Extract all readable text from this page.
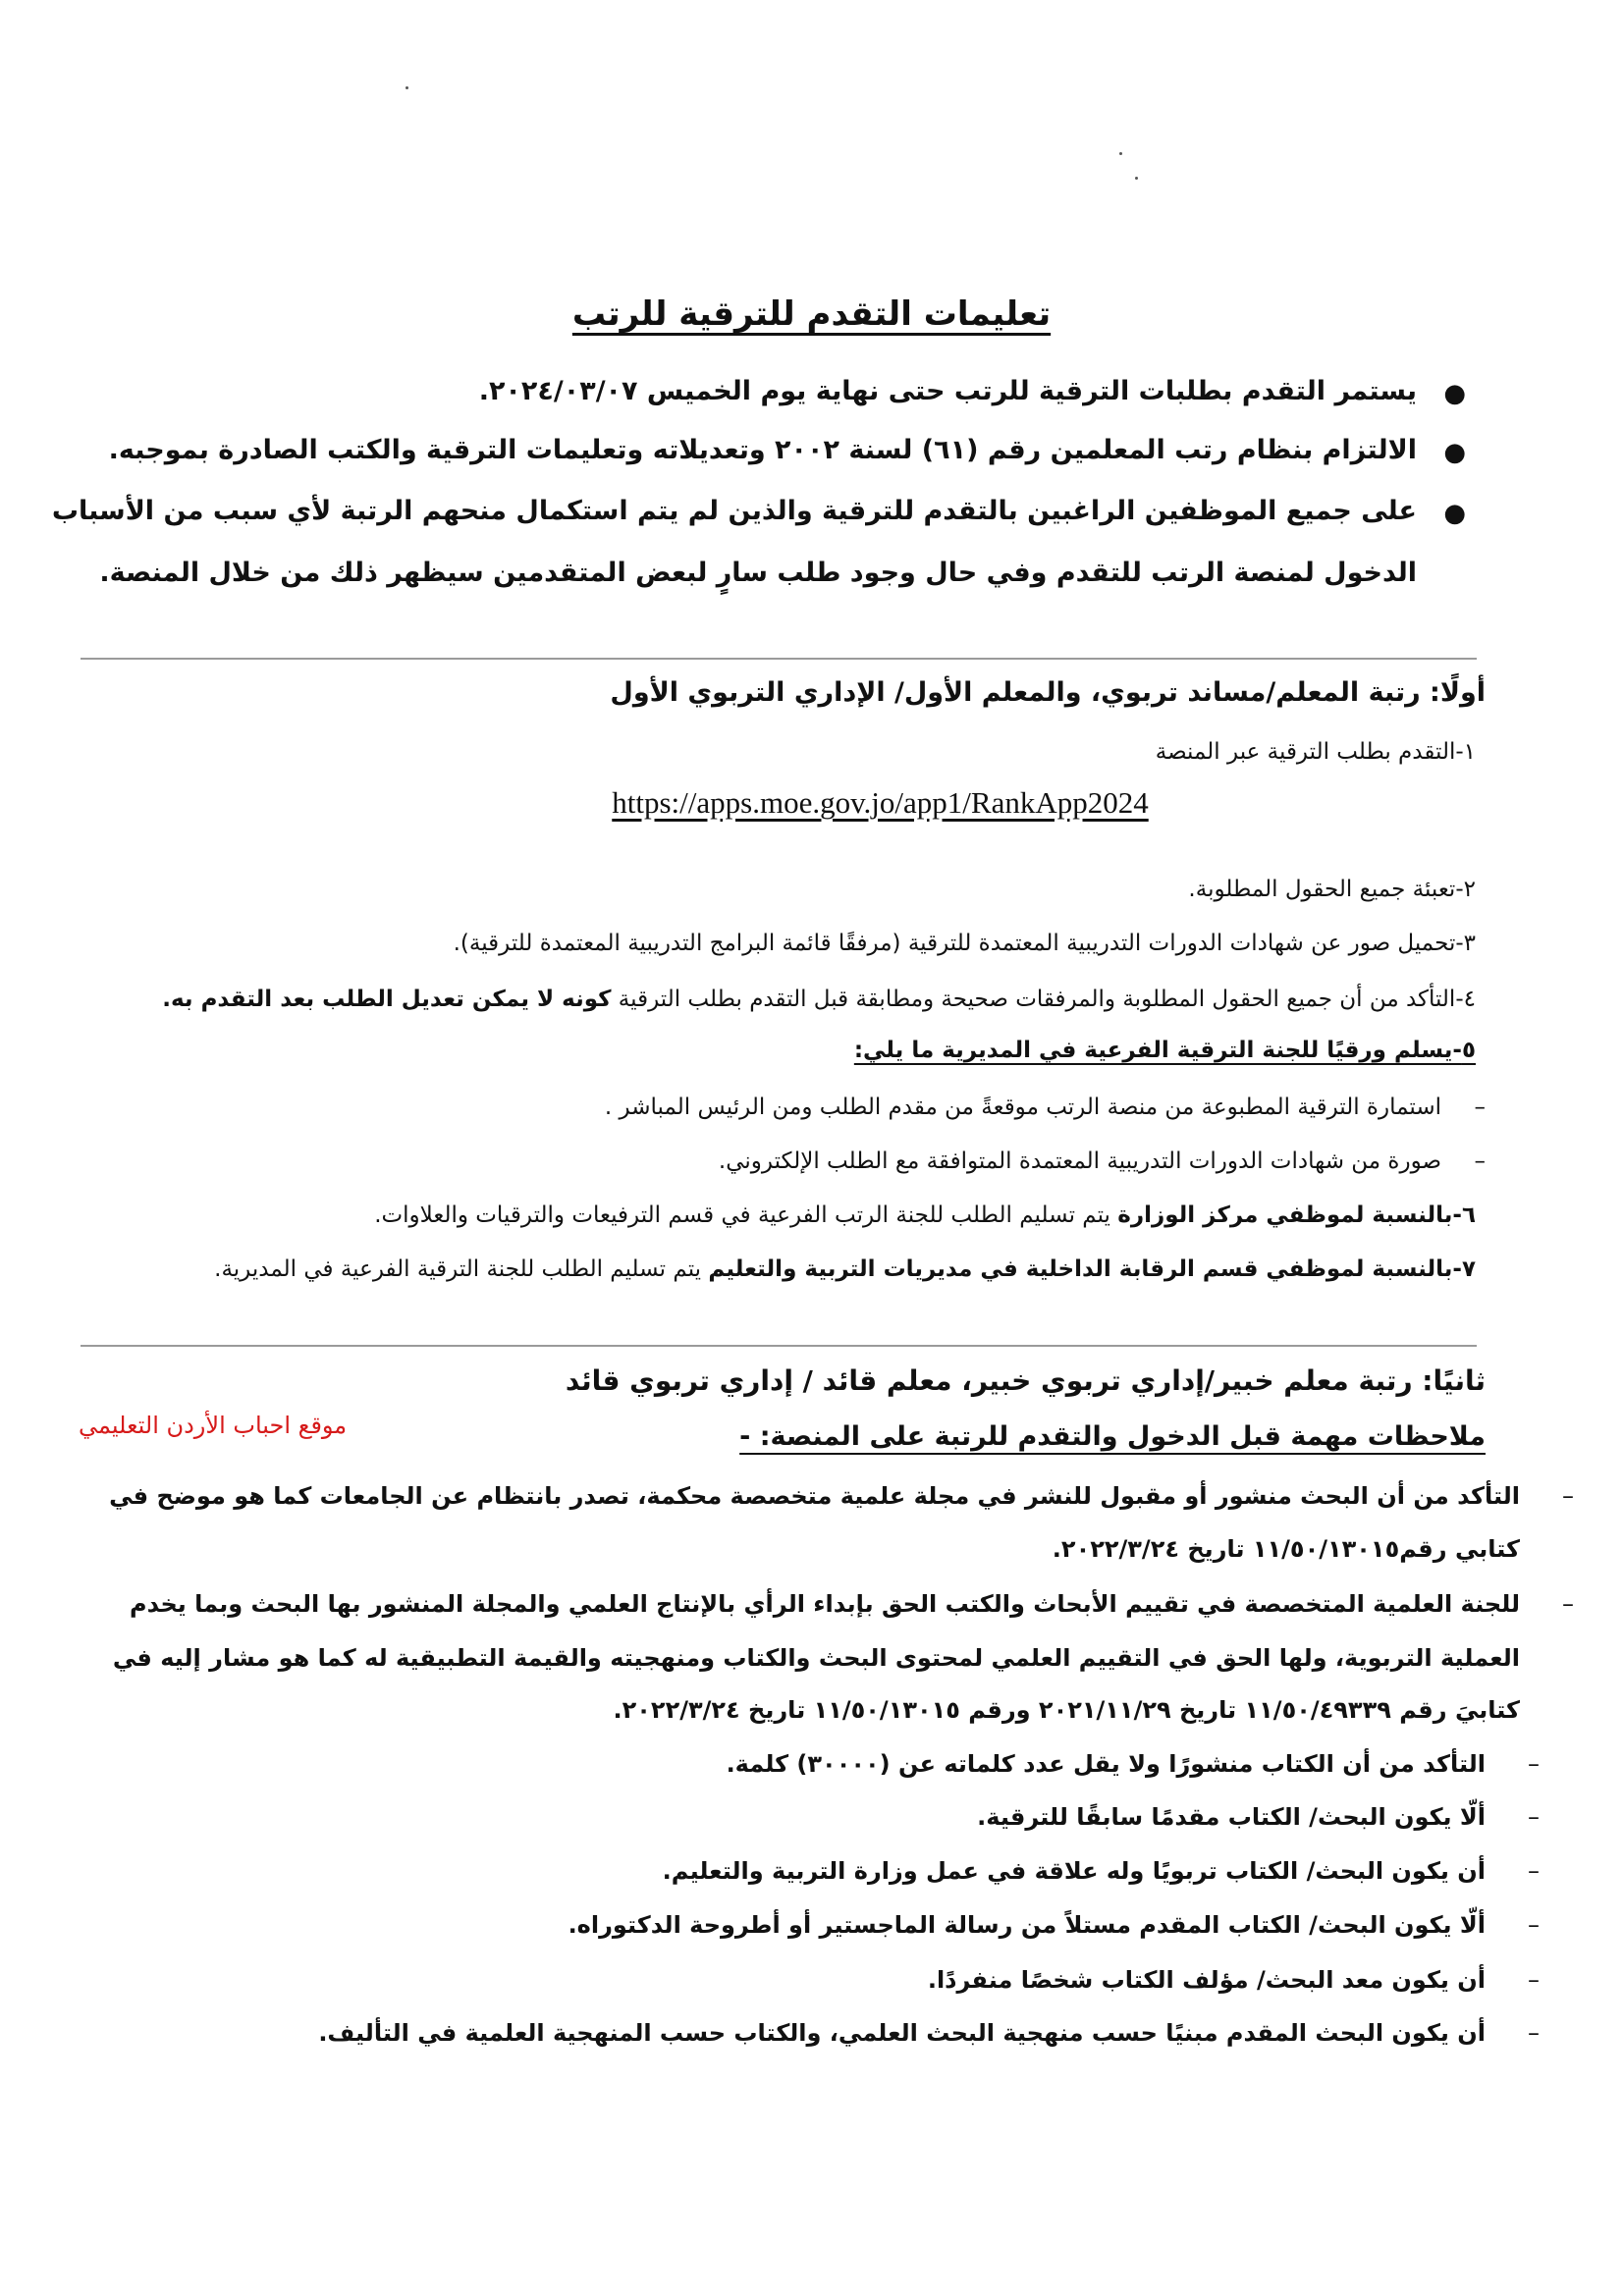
تعليمات التقدم للترقية للرتب
●
يستمر التقدم بطلبات الترقية للرتب حتى نهاية يوم الخميس ٢٠٢٤/٠٣/٠٧.
●
الالتزام بنظام رتب المعلمين رقم (٦١) لسنة ٢٠٠٢ وتعديلاته وتعليمات الترقية والكتب الصادرة بموجبه.
●
على جميع الموظفين الراغبين بالتقدم للترقية والذين لم يتم استكمال منحهم الرتبة لأي سبب من الأسباب
الدخول لمنصة الرتب للتقدم وفي حال وجود طلب سارٍ لبعض المتقدمين سيظهر ذلك من خلال المنصة.
أولًا: رتبة المعلم/مساند تربوي، والمعلم الأول/ الإداري التربوي الأول
١-التقدم بطلب الترقية عبر المنصة
https://apps.moe.gov.jo/app1/RankApp2024
٢-تعبئة جميع الحقول المطلوبة.
٣-تحميل صور عن شهادات الدورات التدريبية المعتمدة للترقية (مرفقًا قائمة البرامج التدريبية المعتمدة للترقية).
٤-التأكد من أن جميع الحقول المطلوبة والمرفقات صحيحة ومطابقة قبل التقدم بطلب الترقية كونه لا يمكن تعديل الطلب بعد التقدم به.
٥-يسلم ورقيًا للجنة الترقية الفرعية في المديرية ما يلي:
–
استمارة الترقية المطبوعة من منصة الرتب موقعةً من مقدم الطلب ومن الرئيس المباشر .
–
صورة من شهادات الدورات التدريبية المعتمدة المتوافقة مع الطلب الإلكتروني.
٦-بالنسبة لموظفي مركز الوزارة يتم تسليم الطلب للجنة الرتب الفرعية في قسم الترفيعات والترقيات والعلاوات.
٧-بالنسبة لموظفي قسم الرقابة الداخلية في مديريات التربية والتعليم يتم تسليم الطلب للجنة الترقية الفرعية في المديرية.
ثانيًا: رتبة معلم خبير/إداري تربوي خبير، معلم قائد / إداري تربوي قائد
موقع احباب الأردن التعليمي	ملاحظات مهمة قبل الدخول والتقدم للرتبة على المنصة: -
–
التأكد من أن البحث منشور أو مقبول للنشر في مجلة علمية متخصصة محكمة، تصدر بانتظام عن الجامعات كما هو موضح في
كتابي رقم١١/٥٠/١٣٠١٥ تاريخ ٢٠٢٢/٣/٢٤.
–
للجنة العلمية المتخصصة في تقييم الأبحاث والكتب الحق بإبداء الرأي بالإنتاج العلمي والمجلة المنشور بها البحث وبما يخدم
العملية التربوية، ولها الحق في التقييم العلمي لمحتوى البحث والكتاب ومنهجيته والقيمة التطبيقية له كما هو مشار إليه في
كتابيَ رقم ١١/٥٠/٤٩٣٣٩ تاريخ ٢٠٢١/١١/٢٩ ورقم ١١/٥٠/١٣٠١٥ تاريخ ٢٠٢٢/٣/٢٤.
–
التأكد من أن الكتاب منشورًا ولا يقل عدد كلماته عن (٣٠٠٠٠) كلمة.
–
ألّا يكون البحث/ الكتاب مقدمًا سابقًا للترقية.
–
أن يكون البحث/ الكتاب تربويًا وله علاقة في عمل وزارة التربية والتعليم.
–
ألّا يكون البحث/ الكتاب المقدم مستلاً من رسالة الماجستير أو أطروحة الدكتوراه.
–
أن يكون معد البحث/ مؤلف الكتاب شخصًا منفردًا.
–
أن يكون البحث المقدم مبنيًا حسب منهجية البحث العلمي، والكتاب حسب المنهجية العلمية في التأليف.
